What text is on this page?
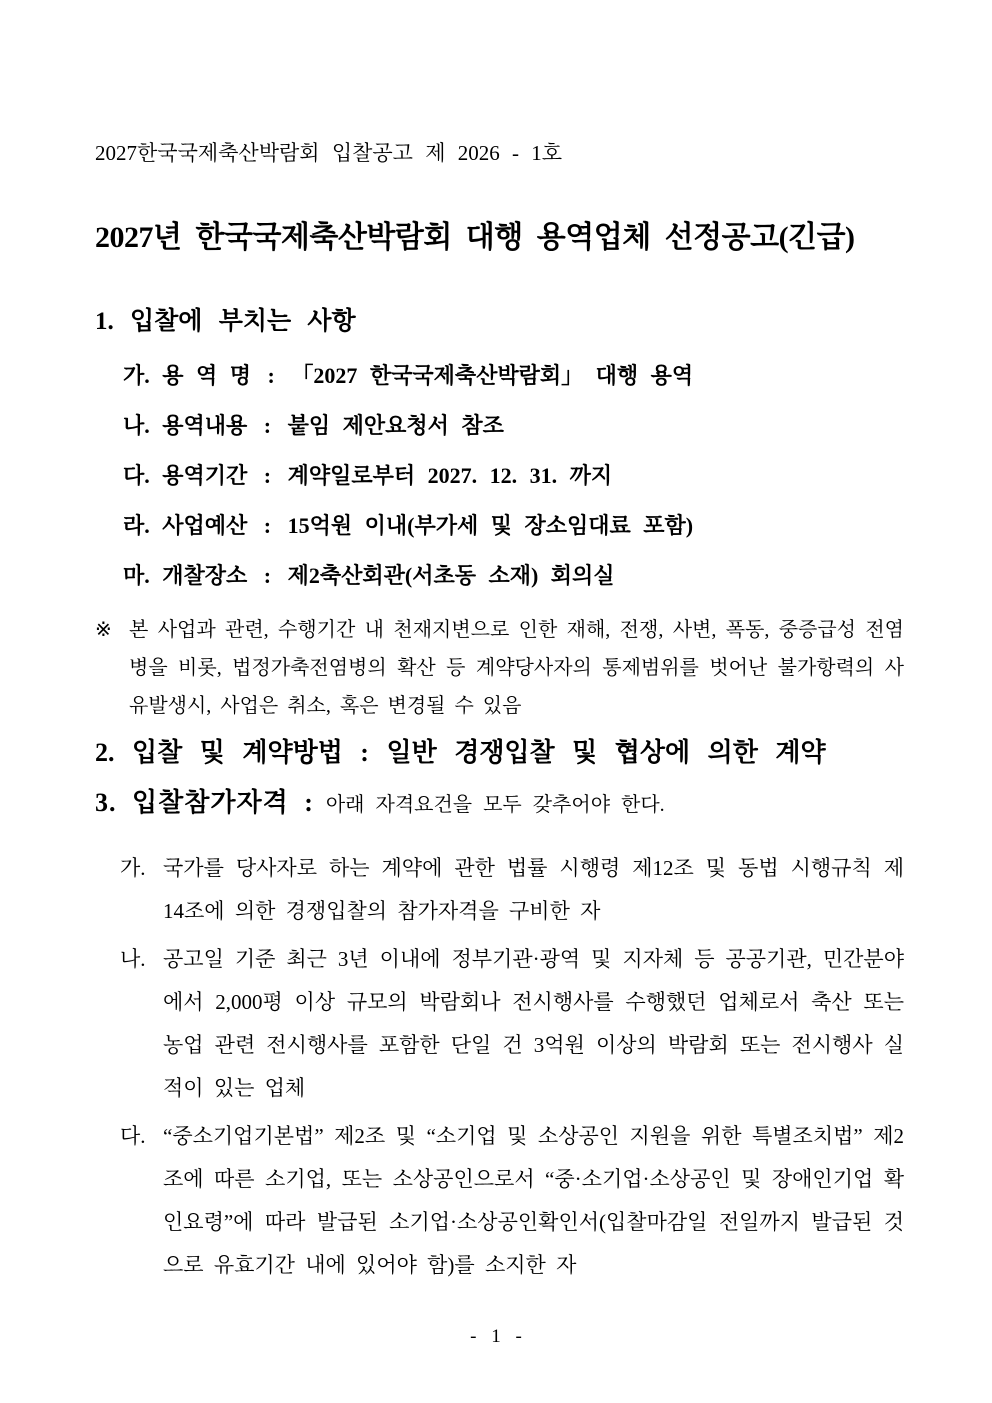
2027한국국제축산박람회 입찰공고 제 2026 - 1호
2027년 한국국제축산박람회 대행 용역업체 선정공고(긴급)
1. 입찰에 부치는 사항
가. 용 역 명 : 「2027 한국국제축산박람회」 대행 용역
나. 용역내용 : 붙임 제안요청서 참조
다. 용역기간 : 계약일로부터 2027. 12. 31. 까지
라. 사업예산 : 15억원 이내(부가세 및 장소임대료 포함)
마. 개찰장소 : 제2축산회관(서초동 소재) 회의실
※ 본 사업과 관련, 수행기간 내 천재지변으로 인한 재해, 전쟁, 사변, 폭동, 중증급성 전염병을 비롯, 법정가축전염병의 확산 등 계약당사자의 통제범위를 벗어난 불가항력의 사유발생시, 사업은 취소, 혹은 변경될 수 있음
2. 입찰 및 계약방법 : 일반 경쟁입찰 및 협상에 의한 계약
3. 입찰참가자격 : 아래 자격요건을 모두 갖추어야 한다.
가. 국가를 당사자로 하는 계약에 관한 법률 시행령 제12조 및 동법 시행규칙 제14조에 의한 경쟁입찰의 참가자격을 구비한 자
나. 공고일 기준 최근 3년 이내에 정부기관·광역 및 지자체 등 공공기관, 민간분야에서 2,000평 이상 규모의 박람회나 전시행사를 수행했던 업체로서 축산 또는 농업 관련 전시행사를 포함한 단일 건 3억원 이상의 박람회 또는 전시행사 실적이 있는 업체
다. “중소기업기본법” 제2조 및 “소기업 및 소상공인 지원을 위한 특별조치법” 제2조에 따른 소기업, 또는 소상공인으로서 “중·소기업·소상공인 및 장애인기업 확인요령”에 따라 발급된 소기업·소상공인확인서(입찰마감일 전일까지 발급된 것으로 유효기간 내에 있어야 함)를 소지한 자
- 1 -
